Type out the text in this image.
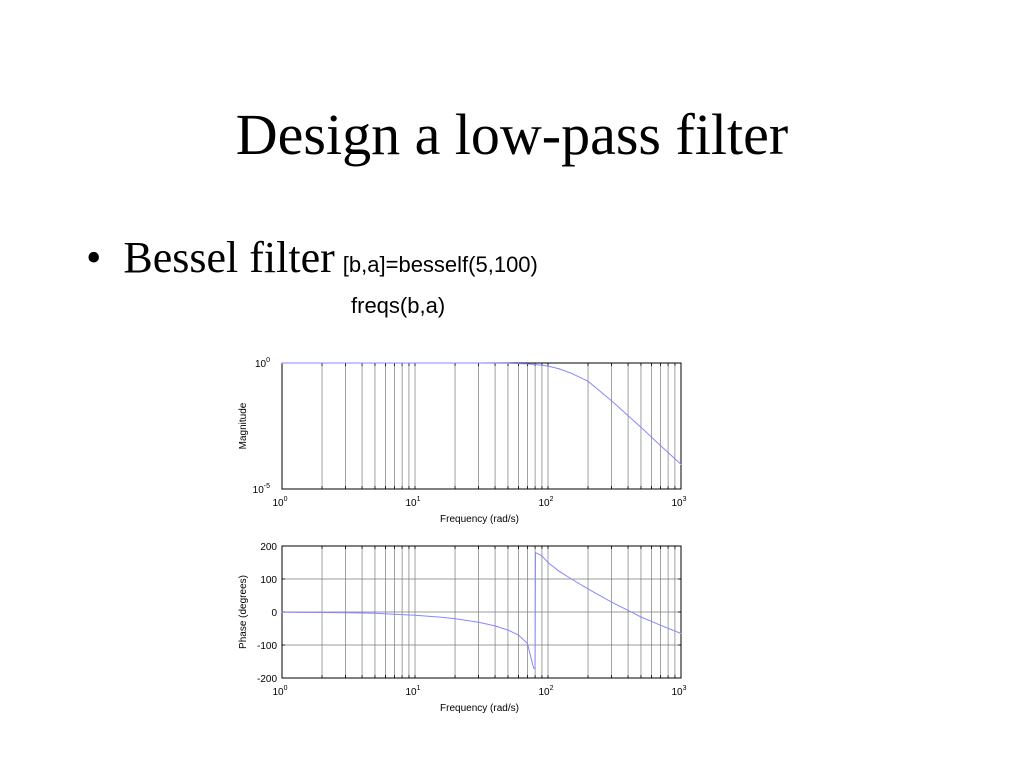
Design a low-pass filter
• Bessel filter [b,a]=besself(5,100)
freqs(b,a)
$10^0$
$10^{-5}$
$10^0$	$10^1$	$10^2$	$10^3$
Frequency (rad/s)
Magnitude
200
100
0
-100
-200
$10^0$	$10^1$	$10^2$	$10^3$
Frequency (rad/s)
Phase (degrees)
